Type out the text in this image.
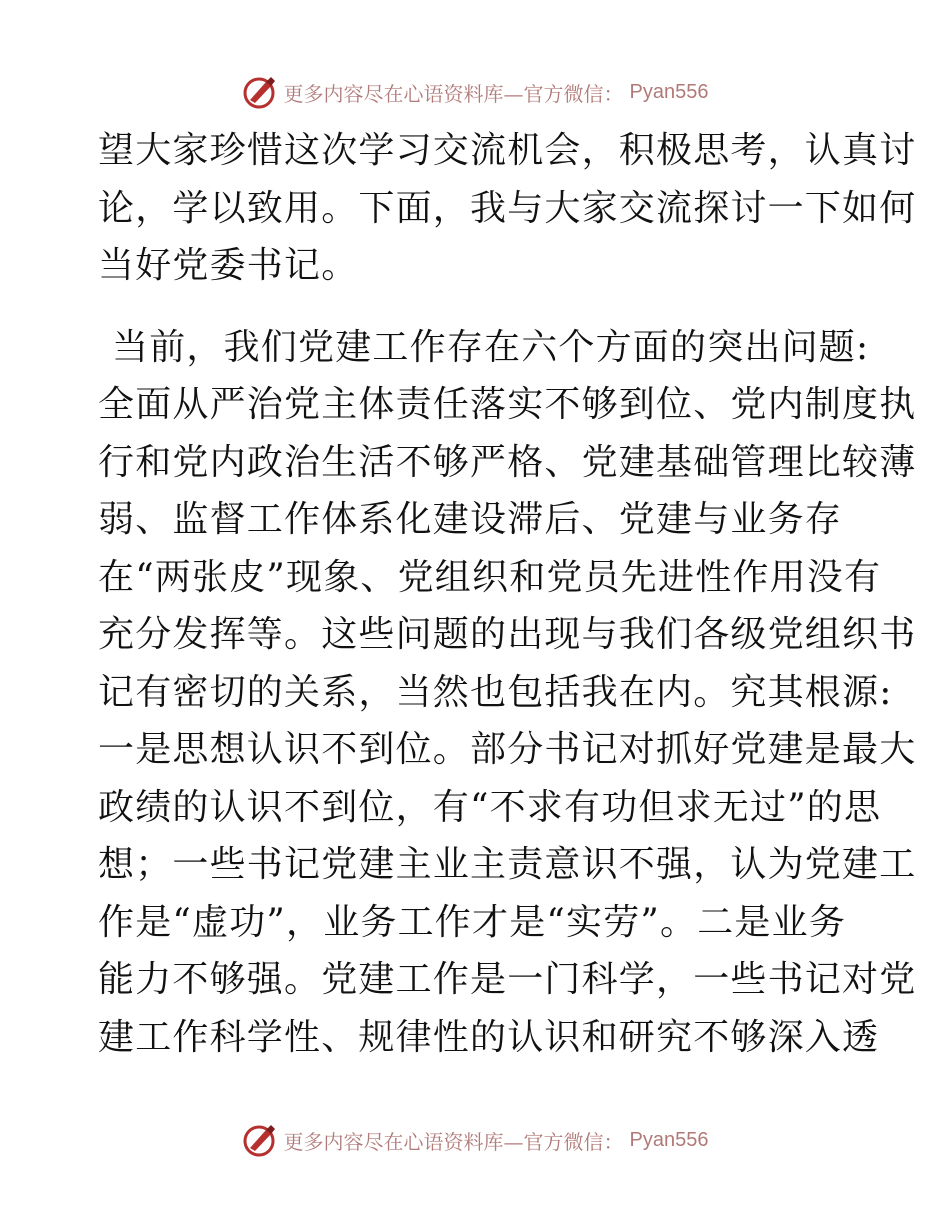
更多内容尽在心语资料库—官方微信： Pyan556
望大家珍惜这次学习交流机会，积极思考，认真讨
论，学以致用。下面，我与大家交流探讨一下如何
当好党委书记。
当前，我们党建工作存在六个方面的突出问题:
全面从严治党主体责任落实不够到位、党内制度执
行和党内政治生活不够严格、党建基础管理比较薄
弱、监督工作体系化建设滞后、党建与业务存
在“两张皮”现象、党组织和党员先进性作用没有
充分发挥等。这些问题的出现与我们各级党组织书
记有密切的关系，当然也包括我在内。究其根源:
一是思想认识不到位。部分书记对抓好党建是最大
政绩的认识不到位，有“不求有功但求无过”的思
想；一些书记党建主业主责意识不强，认为党建工
作是“虚功”，业务工作才是“实劳”。二是业务
能力不够强。党建工作是一门科学，一些书记对党
建工作科学性、规律性的认识和研究不够深入透
更多内容尽在心语资料库—官方微信： Pyan556
